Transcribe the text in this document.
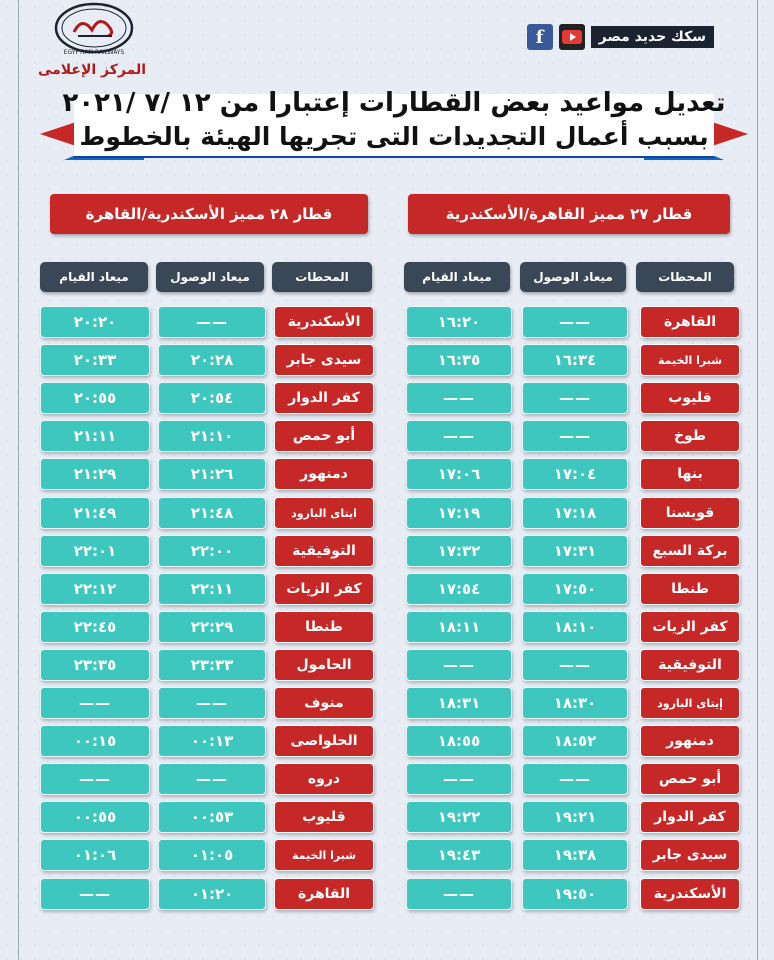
EGYPTIAN RAILWAYS
المركز الإعلامى
f	سكك حديد مصر
تعديل مواعيد بعض القطارات إعتبارا من ١٢ /٧ /٢٠٢١
بسبب أعمال التجديدات التى تجريها الهيئة بالخطوط
قطار ٢٧ مميز القاهرة/الأسكندرية
قطار ٢٨ مميز الأسكندرية/القاهرة
المحطات
ميعاد الوصول
ميعاد القيام
المحطات
ميعاد الوصول
ميعاد القيام
القاهرة
——
١٦:٢٠
شبرا الخيمة
١٦:٣٤
١٦:٣٥
قليوب
——
——
طوخ
——
——
بنها
١٧:٠٤
١٧:٠٦
قويسنا
١٧:١٨
١٧:١٩
بركة السبع
١٧:٣١
١٧:٣٢
طنطا
١٧:٥٠
١٧:٥٤
كفر الزيات
١٨:١٠
١٨:١١
التوفيقية
——
——
إيتاى البارود
١٨:٣٠
١٨:٣١
دمنهور
١٨:٥٢
١٨:٥٥
أبو حمص
——
——
كفر الدوار
١٩:٢١
١٩:٢٢
سيدى جابر
١٩:٣٨
١٩:٤٣
الأسكندرية
١٩:٥٠
——
الأسكندرية
——
٢٠:٢٠
سيدى جابر
٢٠:٢٨
٢٠:٣٣
كفر الدوار
٢٠:٥٤
٢٠:٥٥
أبو حمص
٢١:١٠
٢١:١١
دمنهور
٢١:٢٦
٢١:٢٩
ايتاى البارود
٢١:٤٨
٢١:٤٩
التوفيقية
٢٢:٠٠
٢٢:٠١
كفر الزيات
٢٢:١١
٢٢:١٢
طنطا
٢٢:٢٩
٢٢:٤٥
الحامول
٢٣:٣٣
٢٣:٣٥
منوف
——
——
الحلواصى
٠٠:١٣
٠٠:١٥
دروه
——
——
قليوب
٠٠:٥٣
٠٠:٥٥
شبرا الخيمة
٠١:٠٥
٠١:٠٦
القاهرة
٠١:٢٠
——
